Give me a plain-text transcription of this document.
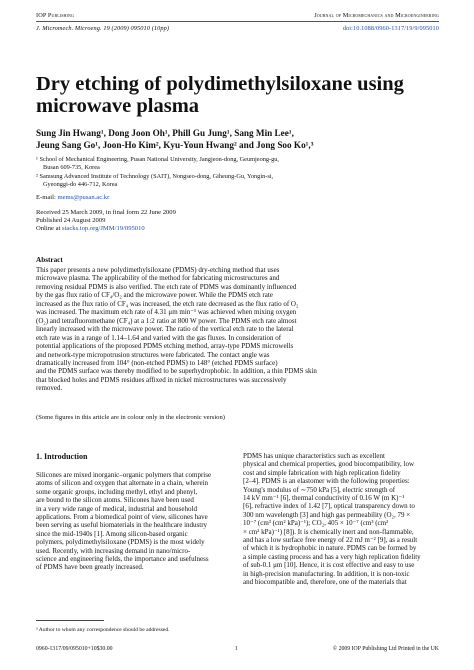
IOP Publishing	Journal of Micromechanics and Microengineering
J. Micromech. Microeng. 19 (2009) 095010 (10pp)	doi:10.1088/0960-1317/19/9/095010
Dry etching of polydimethylsiloxane using
microwave plasma
Sung Jin Hwang¹, Dong Joon Oh¹, Phill Gu Jung¹, Sang Min Lee¹,
Jeung Sang Go¹, Joon-Ho Kim², Kyu-Youn Hwang² and Jong Soo Ko¹,³
¹ School of Mechanical Engineering, Pusan National University, Jangjeon-dong, Geumjeong-gu,
Busan 609-735, Korea
² Samsung Advanced Institute of Technology (SAIT), Nongseo-dong, Giheung-Gu, Yongin-si,
Gyeonggi-do 446-712, Korea
E-mail: mems@pusan.ac.kr
Received 25 March 2009, in final form 22 June 2009
Published 24 August 2009
Online at stacks.iop.org/JMM/19/095010
Abstract
This paper presents a new polydimethylsiloxane (PDMS) dry-etching method that uses
microwave plasma. The applicability of the method for fabricating microstructures and
removing residual PDMS is also verified. The etch rate of PDMS was dominantly influenced
by the gas flux ratio of CF₄/O₂ and the microwave power. While the PDMS etch rate
increased as the flux ratio of CF₄ was increased, the etch rate decreased as the flux ratio of O₂
was increased. The maximum etch rate of 4.31 μm min⁻¹ was achieved when mixing oxygen
(O₂) and tetrafluoromethane (CF₄) at a 1:2 ratio at 800 W power. The PDMS etch rate almost
linearly increased with the microwave power. The ratio of the vertical etch rate to the lateral
etch rate was in a range of 1.14–1.64 and varied with the gas fluxes. In consideration of
potential applications of the proposed PDMS etching method, array-type PDMS microwells
and network-type micropotrusion structures were fabricated. The contact angle was
dramatically increased from 104° (non-etched PDMS) to 148° (etched PDMS surface)
and the PDMS surface was thereby modified to be superhydrophobic. In addition, a thin PDMS skin
that blocked holes and PDMS residues affixed in nickel microstructures was successively
removed.
(Some figures in this article are in colour only in the electronic version)
1. Introduction
Silicones are mixed inorganic–organic polymers that comprise
atoms of silicon and oxygen that alternate in a chain, wherein
some organic groups, including methyl, ethyl and phenyl,
are bound to the silicon atoms. Silicones have been used
in a very wide range of medical, industrial and household
applications. From a biomedical point of view, silicones have
been serving as useful biomaterials in the healthcare industry
since the mid-1940s [1]. Among silicon-based organic
polymers, polydimethylsiloxane (PDMS) is the most widely
used. Recently, with increasing demand in nano/micro-
science and engineering fields, the importance and usefulness
of PDMS have been greatly increased.
PDMS has unique characteristics such as excellent
physical and chemical properties, good biocompatibility, low
cost and simple fabrication with high replication fidelity
[2–4]. PDMS is an elastomer with the following properties:
Young's modulus of ∼750 kPa [5], electric strength of
14 kV mm⁻¹ [6], thermal conductivity of 0.16 W (m K)⁻¹
[6], refractive index of 1.42 [7], optical transparency down to
300 nm wavelength [3] and high gas permeability (O₂, 79 ×
10⁻⁷ (cm³ (cm² kPa)⁻¹); CO₂, 405 × 10⁻⁷ (cm³ (cm²
× cm² kPa)⁻¹) [8]). It is chemically inert and non-flammable,
and has a low surface free energy of 22 mJ m⁻² [9], as a result
of which it is hydrophobic in nature. PDMS can be formed by
a simple casting process and has a very high replication fidelity
of sub-0.1 μm [10]. Hence, it is cost effective and easy to use
in high-precision manufacturing. In addition, it is non-toxic
and biocompatible and, therefore, one of the materials that
³ Author to whom any correspondence should be addressed.
0960-1317/09/095010+10$30.00	1	© 2009 IOP Publishing Ltd Printed in the UK
